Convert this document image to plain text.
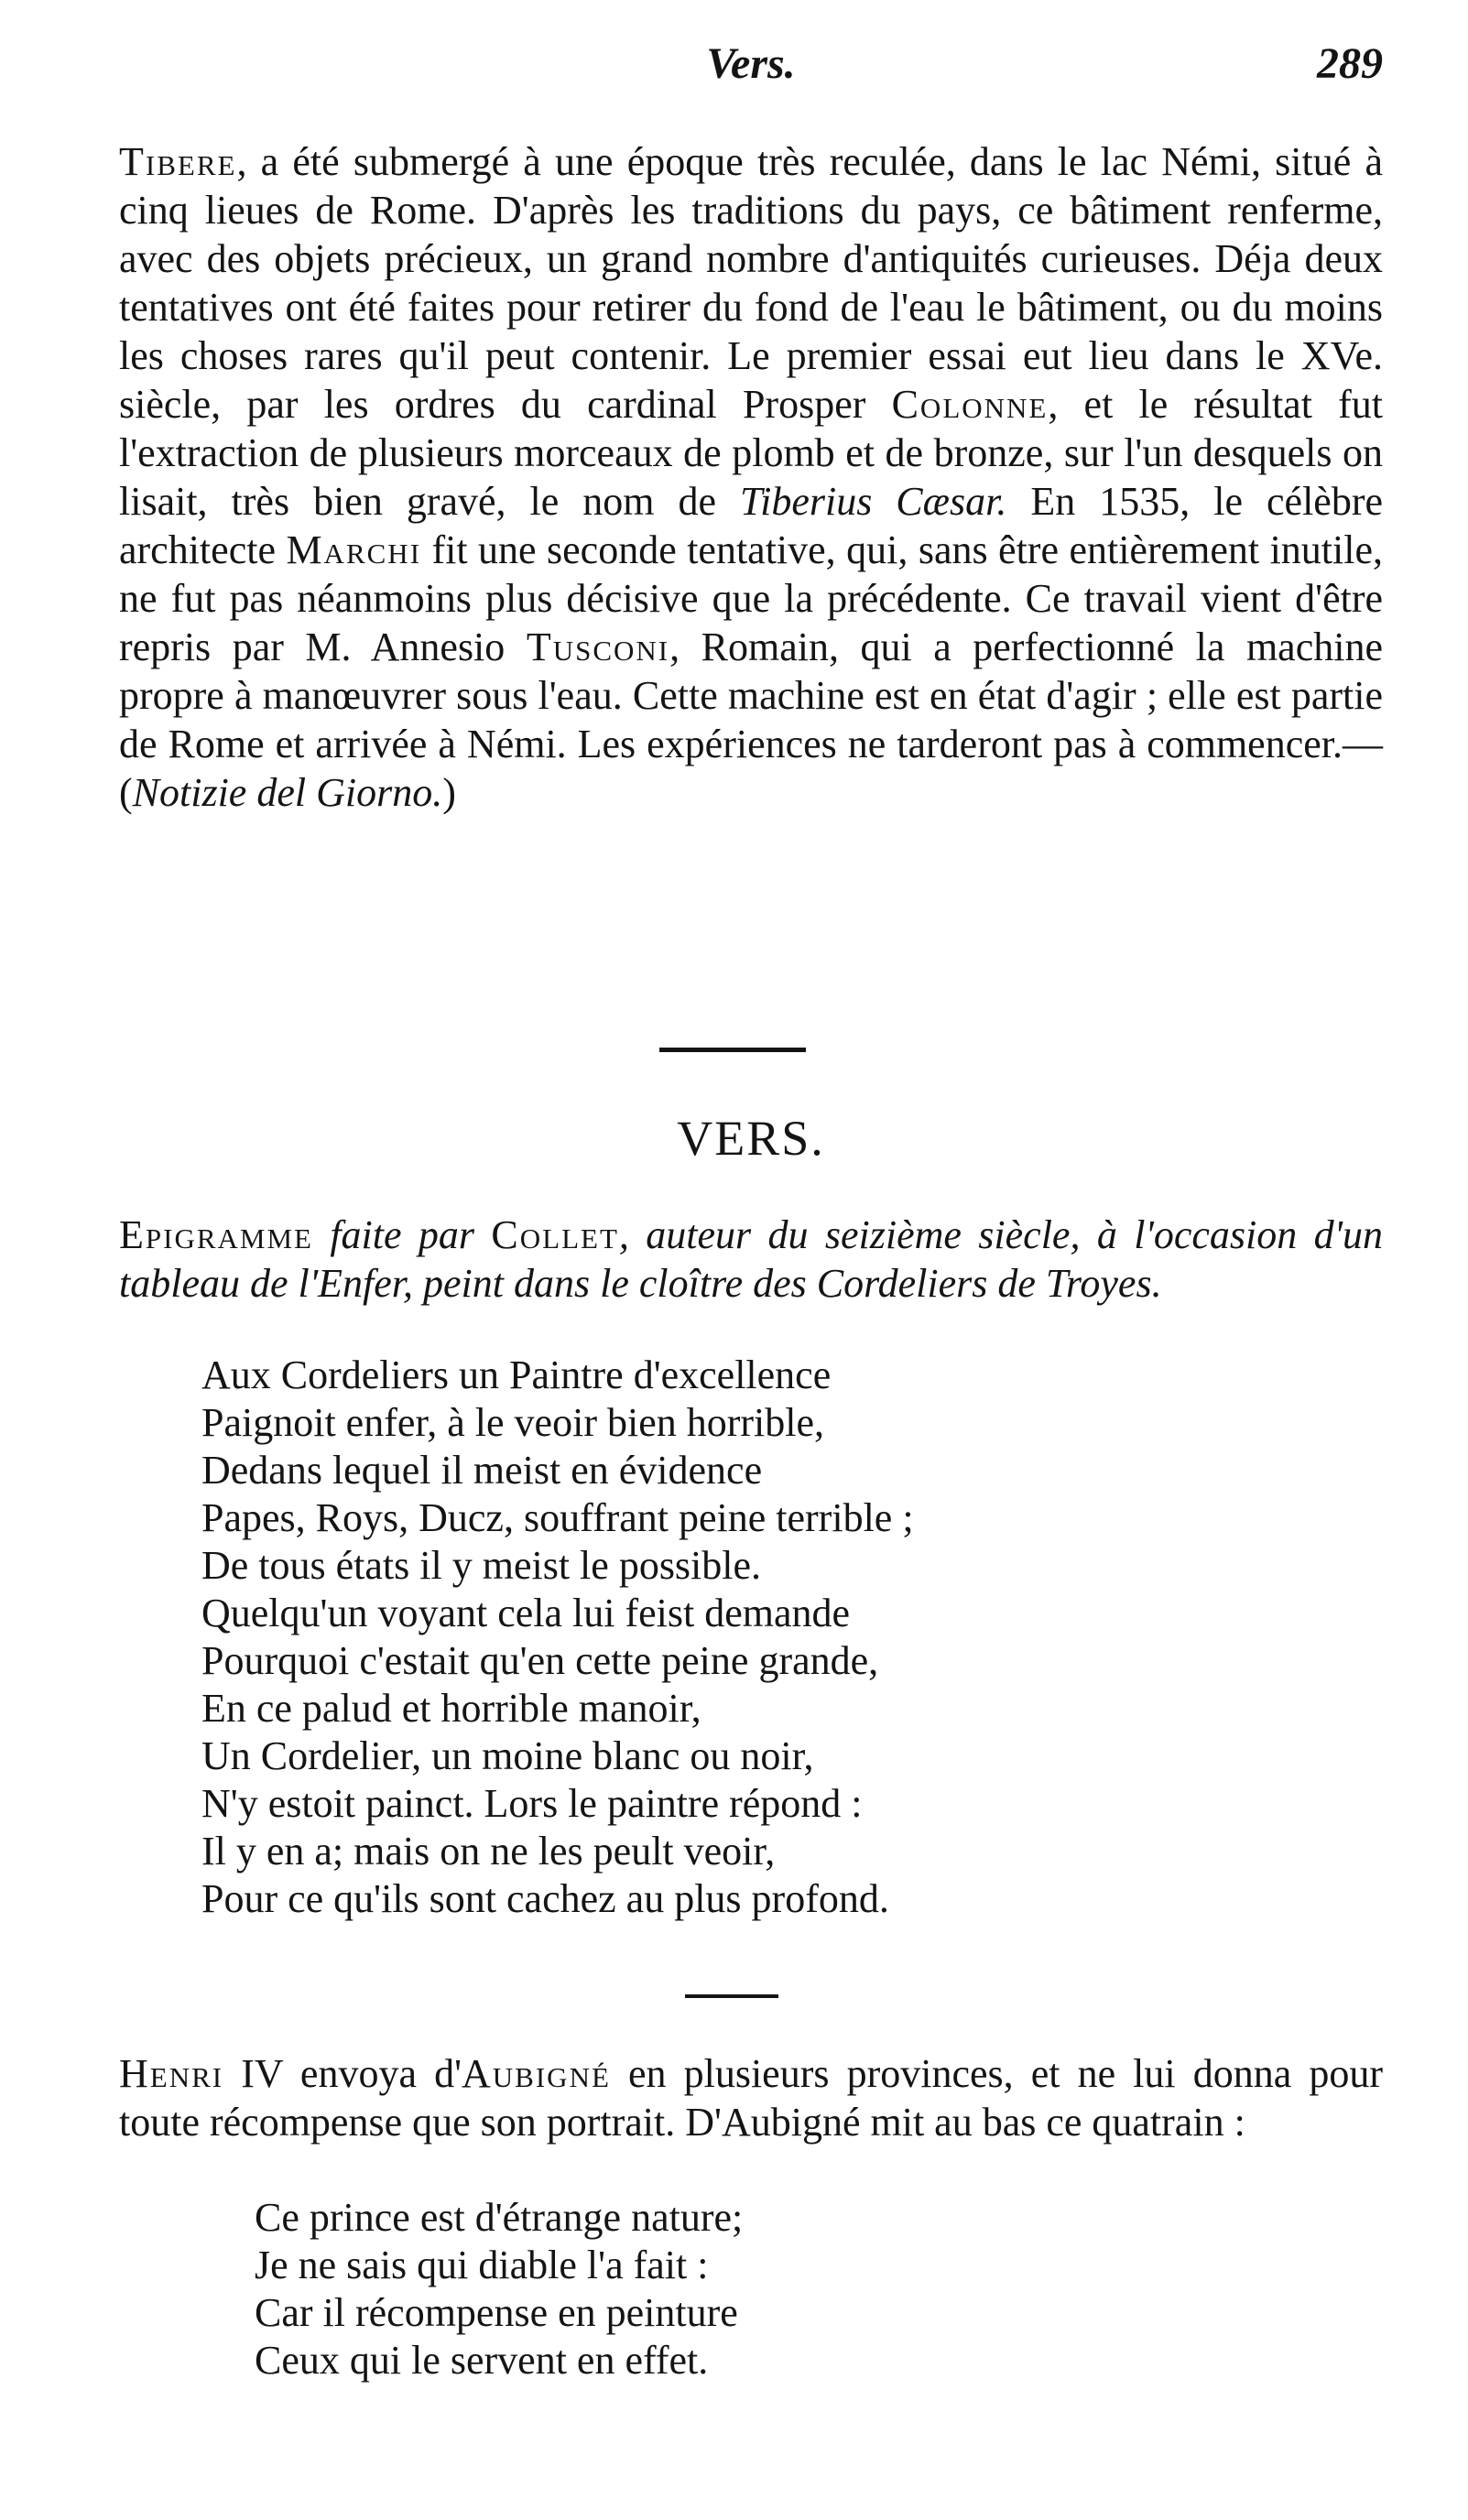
Vers.	289

Tibere, a été submergé à une époque très reculée, dans le lac Némi, situé à cinq lieues de Rome. D'après les traditions du pays, ce bâtiment renferme, avec des objets précieux, un grand nombre d'antiquités curieuses. Déja deux tentatives ont été faites pour retirer du fond de l'eau le bâtiment, ou du moins les choses rares qu'il peut contenir. Le premier essai eut lieu dans le XVe. siècle, par les ordres du cardinal Prosper Colonne, et le résultat fut l'extraction de plusieurs morceaux de plomb et de bronze, sur l'un desquels on lisait, très bien gravé, le nom de Tiberius Cæsar. En 1535, le célèbre architecte Marchi fit une seconde tentative, qui, sans être entièrement inutile, ne fut pas néanmoins plus décisive que la précédente. Ce travail vient d'être repris par M. Annesio Tusconi, Romain, qui a perfectionné la machine propre à manœuvrer sous l'eau. Cette machine est en état d'agir ; elle est partie de Rome et arrivée à Némi. Les expériences ne tarderont pas à commencer.—(Notizie del Giorno.)

VERS.

Epigramme faite par Collet, auteur du seizième siècle, à l'occasion d'un tableau de l'Enfer, peint dans le cloître des Cordeliers de Troyes.

Aux Cordeliers un Paintre d'excellence
Paignoit enfer, à le veoir bien horrible,
Dedans lequel il meist en évidence
Papes, Roys, Ducz, souffrant peine terrible ;
De tous états il y meist le possible.
Quelqu'un voyant cela lui feist demande
Pourquoi c'estait qu'en cette peine grande,
En ce palud et horrible manoir,
Un Cordelier, un moine blanc ou noir,
N'y estoit painct. Lors le paintre répond :
Il y en a; mais on ne les peult veoir,
Pour ce qu'ils sont cachez au plus profond.

Henri IV envoya d'Aubigné en plusieurs provinces, et ne lui donna pour toute récompense que son portrait. D'Aubigné mit au bas ce quatrain :

Ce prince est d'étrange nature;
Je ne sais qui diable l'a fait :
Car il récompense en peinture
Ceux qui le servent en effet.
